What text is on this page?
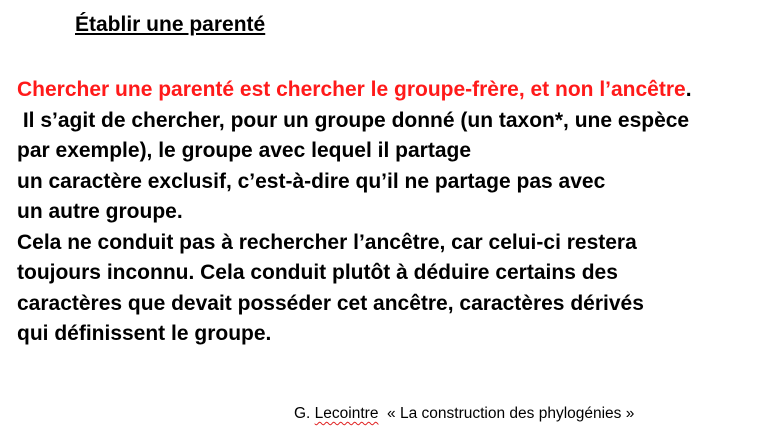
Établir une parenté
Chercher une parenté est chercher le groupe-frère, et non l’ancêtre.
Il s’agit de chercher, pour un groupe donné (un taxon*, une espèce
par exemple), le groupe avec lequel il partage
un caractère exclusif, c’est-à-dire qu’il ne partage pas avec
un autre groupe.
Cela ne conduit pas à rechercher l’ancêtre, car celui-ci restera
toujours inconnu. Cela conduit plutôt à déduire certains des
caractères que devait posséder cet ancêtre, caractères dérivés
qui définissent le groupe.
G. Lecointre  « La construction des phylogénies »
